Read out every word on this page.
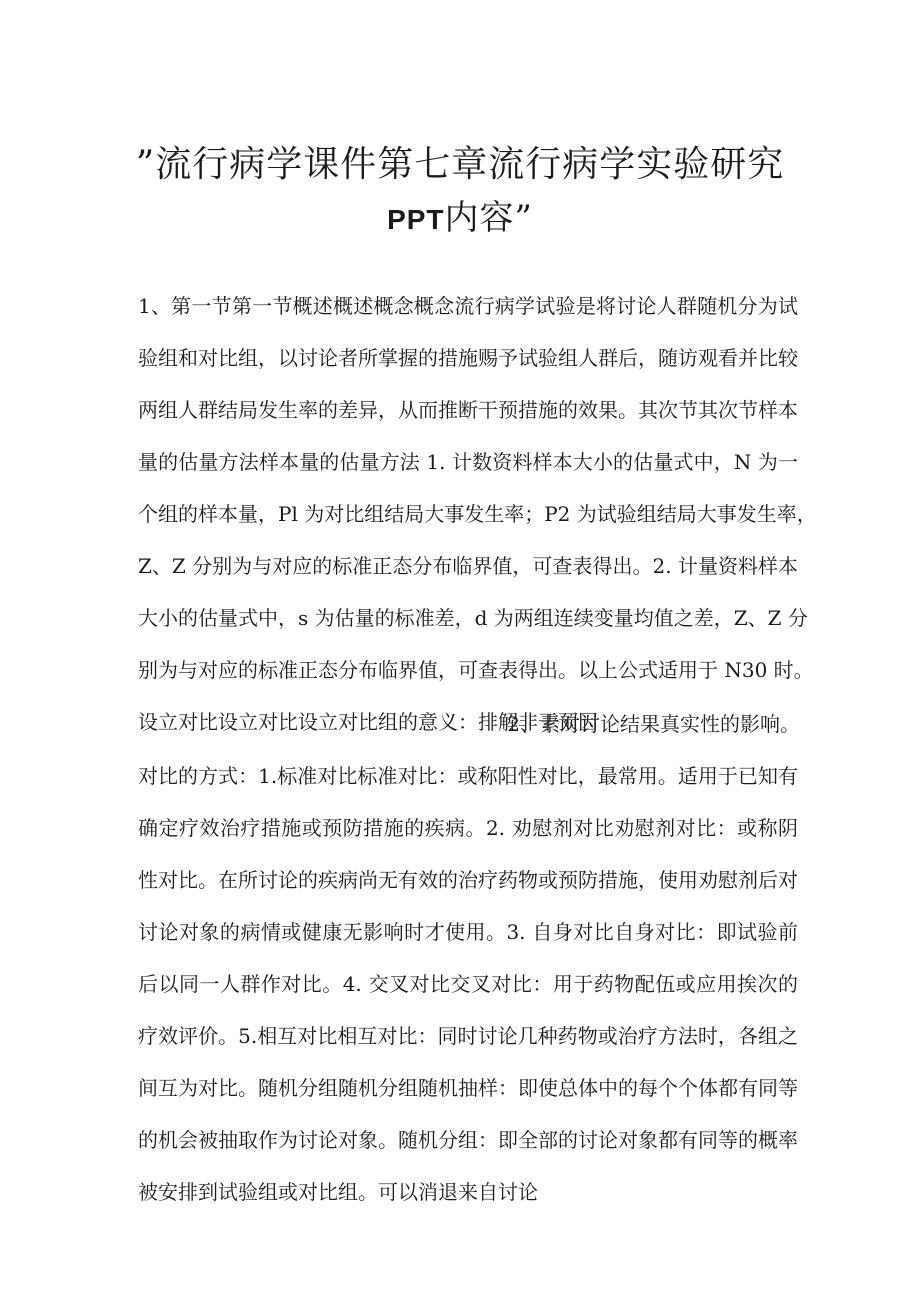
”流行病学课件第七章流行病学实验研究
PPT内容”
1、第一节第一节概述概述概念概念流行病学试验是将讨论人群随机分为试
验组和对比组，以讨论者所掌握的措施赐予试验组人群后，随访观看并比较
两组人群结局发生率的差异，从而推断干预措施的效果。其次节其次节样本
量的估量方法样本量的估量方法 1. 计数资料样本大小的估量式中，N 为一
个组的样本量，Pl 为对比组结局大事发生率；P2 为试验组结局大事发生率，
Z、Z 分别为与对应的标准正态分布临界值，可查表得出。2. 计量资料样本
大小的估量式中，s 为估量的标准差，d 为两组连续变量均值之差，Z、Z 分
别为与对应的标准正态分布临界值，可查表得出。以上公式适用于 N30 时。
设立对比设立对比设立对比组的意义：排解非干预因
2、素对讨论结果真实性的影响。
对比的方式：1.标准对比标准对比：或称阳性对比，最常用。适用于已知有
确定疗效治疗措施或预防措施的疾病。2. 劝慰剂对比劝慰剂对比：或称阴
性对比。在所讨论的疾病尚无有效的治疗药物或预防措施，使用劝慰剂后对
讨论对象的病情或健康无影响时才使用。3. 自身对比自身对比：即试验前
后以同一人群作对比。4. 交叉对比交叉对比：用于药物配伍或应用挨次的
疗效评价。5.相互对比相互对比：同时讨论几种药物或治疗方法时，各组之
间互为对比。随机分组随机分组随机抽样：即使总体中的每个个体都有同等
的机会被抽取作为讨论对象。随机分组：即全部的讨论对象都有同等的概率
被安排到试验组或对比组。可以消退来自讨论
